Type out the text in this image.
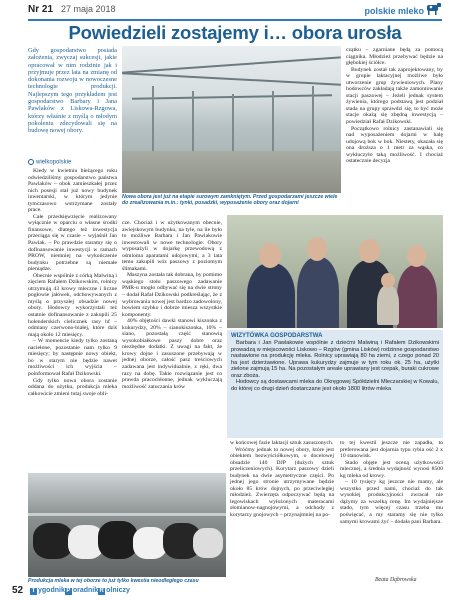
Nr 21 27 maja 2018	polskie mleko
Powiedzieli zostajemy i… obora urosła
Gdy gospodarstwo posiada założenia, zwyczaj sukcesji, jakie opracował w nim rodzinie jak i przyjmuje przez lata na zmianę od dokonania rozwoju w nowoczesne technologie produkcji. Najlepszym tego przykładem jest gospodarstwo Barbary i Jana Pawlaków z Liskowa-Rzgowa, którzy właśnie z myślą o młodym pokoleniu zdecydowali się na budowę nowej obory.
wielkopolskie

Kiedy w kwietniu bieżącego roku odwiedziliśmy gospodarstwo państwa Pawlaków – obok zamieszkałej przez nich posesji stał już nowy budynek inwentarski, w którym jedynie tymczasowo wstrzymane zostały prace.

Całe przedsięwzięcie realizowany wyłącznie w oparciu o własne środki finansowe, dlatego też inwestycja przeciąga się w czasie – wyjaśnił Jan Pawlak. – Po prawdzie staramy się o dofinansowanie inwestycji w ramach PROW, niemniej na wykończenie budynku potrzebne są niemałe pieniądze.

Obecnie wspólnie z córką Malwiną i zięciem Rafałem Dzikowskim, rolnicy utrzymują 43 krowy mleczne i liczne pogłowie jałówek, odchowywanych z myślą o przyszłej obsadzie nowej obory. Hodowcy wykorzystali też ostatnie dofinansowanie z zakupili 25 holenderskich cielicznek rasy hf – odmiany czerwono-białej, które dziś mają około 12 miesięcy.

– W momencie kiedy tylko zostaną naciełone, pozostanie nam tylko 9 miesięcy; by następnie nowy obiekt, bo w starym nie będzie nawet możliwości ich wyjścia – poinformował Rafał Dzikowski.

Gdy tylko nowa obora zostanie oddana do użytku, produkcja mleka całkowicie zmieni tutaj swoje obli-

Nowa obora jest już na etapie surowym zamkniętym. Przed gospodarzami jeszcze wiele do zrealizowania m.in.: tynki, posadzki, wyposażenie obory oraz dojarni

cze. Chociaż i w użytkowanym obecnie, awiejskowym budynku, na tyle, na ile było to możliwe Barbara i Jan Pawlakowie inwestowali w nowe technologie. Obory wyposażyli w dojarkę przewodową z ośmioma aparatami udojowymi, a 3 lata temu zakupili wóz paszowy z poziomym ślimakami.

Maszyna została tak dobrana, by pomimo wąskiego stołu paszowego zadawanie PMR-u mogło odbywać się na dwie strony – dodał Rafał Dzikowski podkreślając, że z wybrowania nowej jest bardzo zadowolony, bowiem szybko i dobrze miesza wszystkie komponenty.

40% objętości dawki stanowi kiszonka z kukurydzy, 20% – sianokiszonka, 10% – siano, pozostałą część stanowią wysokobiałkowe paszy dobre oraz niezbędne dodatki. Z uwagi na fakt, że krowy dojne i zasuszone przebywają w jednej oborze, całość pasz treściowych zadawana jest indywidualnie, z ręki, dwa razy na dobę. Takie rozwiązanie jest co prawda pracochłonne, jednak wykluczają możliwość zatuczania krów

czątku – zgarniane będą za pomocą ciągnika. Młodzież przebywać będzie na głębokiej ściółce.

Budynek został tak zaprojektowany, by w grupie laktacyjnej możliwe było utworzenie grup żywieniowych. Plany hodowców zakładają także zamontowanie stacji paszowej – Jeżeli jednak system żywienia, którego podstawą jest podział stada na grupy sprawdzi się, to być może stacje okażą się zbędną inwestycją – powiedział Rafał Dzikowski.

Początkowo rolnicy zastanawiali się nad wyposażeniem dojarni w halę udojową bok w bok. Niestety, okazała się ona droższa o 1 metr za wąska, co wykluczyło taką możliwość. I chociaż ostatecznie decyzja

WIZYTÓWKA GOSPODARSTWA

Barbara i Jan Pawlakowie wspólnie z dziećmi Malwiną i Rafałem Dzikowskimi prowadzą w miejscowości Liskowo – Rzgów (gmina Lisków) rodzinne gospodarstwo nastawione na produkcję mleka. Rolnicy uprawiają 80 ha ziemi, z czego ponad 20 ha jest dzierżawione. Uprawa kukurydzy zajmuje w tym roku ok. 25 ha, użytki zielone zajmują 15 ha. Na pozostałym areale uprawiany jest rzepak, buraki cukrowe oraz zboża.

Hodowcy są dostawcami mleka do Okręgowej Spółdzielni Mleczarskiej w Kowalu, do której co drugi dzień dostarczane jest około 1800 litrów mleka

w końcowej fazie laktacji sztuk zasuszonych.

Wróćmy jednak to nowej obory, które jest obiektem bezwyściółkowym, o docelowej obsadzie 140 DJP (dużych sztuk przeliczeniowych). Korytarz paszowy dzieli budynek na dwie asymetryczne części. Po jednej jego stronie utrzymywane będzie około 85 krów dojnych, po przeciwległej młodzież. Zwierzęta odpoczywać będą na legowiskach wyłożonych materacami słomianow-nagnojowymi, a odchody z korytarzy gnojowych – przynajmniej na po-

to tej kwestii jeszcze nie zapadła, to preferowana jest dojarnia typu rybia ość 2 x 10 stanowisk.

Stado objęte jest oceną użytkowości mlecznej, a średnia wydajność wynosi 8500 kg mleka od krowy.

– 10 tysięcy kg jeszcze nie mamy, ale wszystko przed nami, chociaż do tak wysokiej produkcyjności zwracał nie dążymy za wszelką cenę. Im wydajniejsze stado, tym więcej czasu trzeba mu poświęcać, a my staramy się nie tylko samymi krowami żyć – dodała pani Barbara.

Beata Dąbrowska
Produkcja mleka w tej oborze to już tylko kwestia nieodległego czasu
52 T ygodnikP oradnikR olniczy
